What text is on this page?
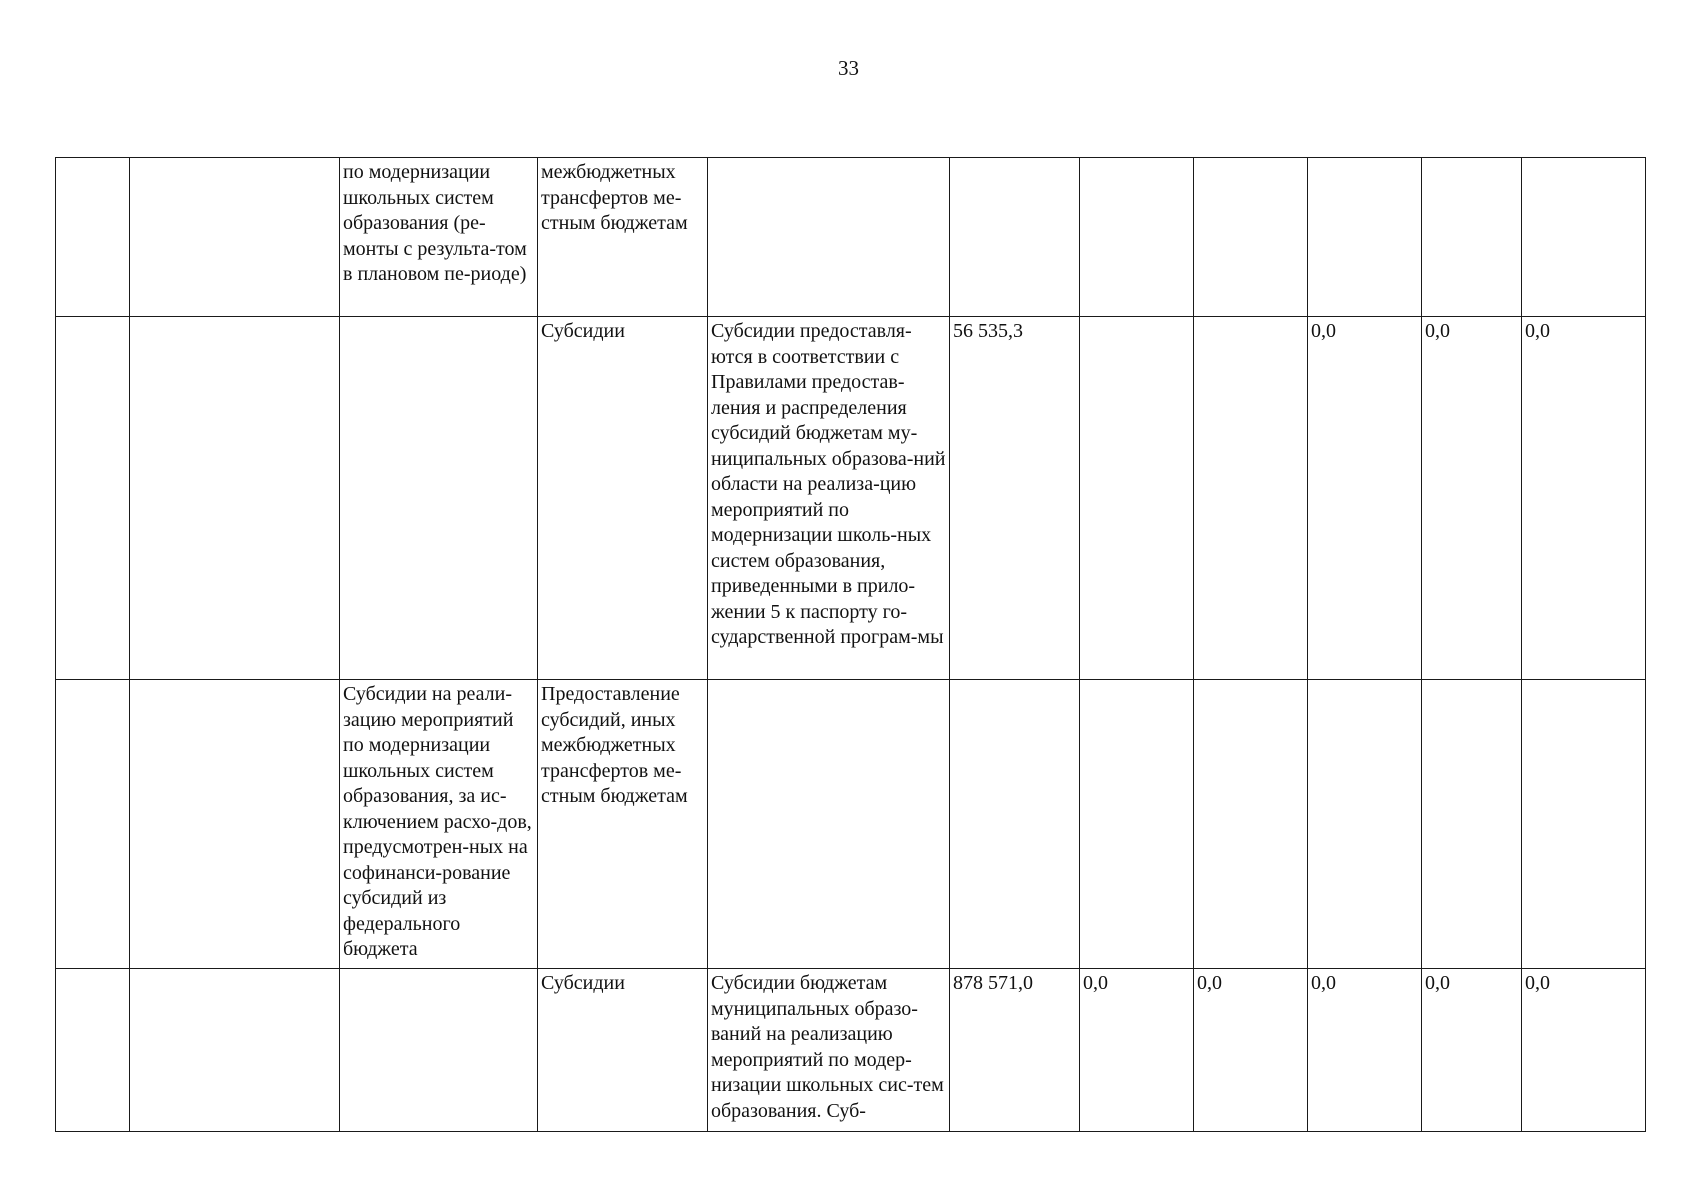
33
		по модернизации школьных систем образования (ре-монты с результа-том в плановом пе-риоде)	межбюджетных трансфертов ме-стным бюджетам							
			Субсидии	Субсидии предоставля-ются в соответствии с Правилами предостав-ления и распределения субсидий бюджетам му-ниципальных образова-ний области на реализа-цию мероприятий по модернизации школь-ных систем образования, приведенными в прило-жении 5 к паспорту го-сударственной програм-мы	56 535,3			0,0	0,0	0,0
		Субсидии на реали-зацию мероприятий по модернизации школьных систем образования, за ис-ключением расхо-дов, предусмотрен-ных на софинанси-рование субсидий из федерального бюджета	Предоставление субсидий, иных межбюджетных трансфертов ме-стным бюджетам							
			Субсидии	Субсидии бюджетам муниципальных образо-ваний на реализацию мероприятий по модер-низации школьных сис-тем образования. Суб-	878 571,0	0,0	0,0	0,0	0,0	0,0
